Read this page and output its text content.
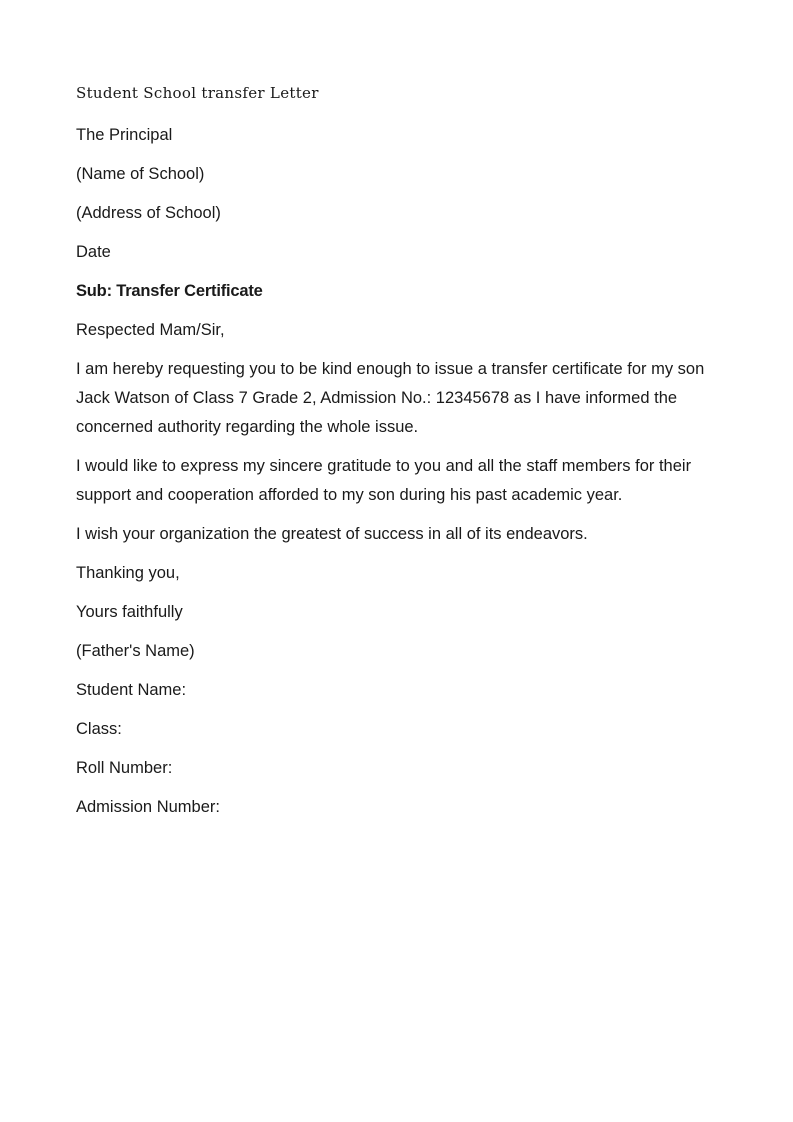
Student School transfer Letter

The Principal

(Name of School)

(Address of School)

Date

Sub: Transfer Certificate

Respected Mam/Sir,

I am hereby requesting you to be kind enough to issue a transfer certificate for my son Jack Watson of Class 7 Grade 2, Admission No.: 12345678 as I have informed the concerned authority regarding the whole issue.

I would like to express my sincere gratitude to you and all the staff members for their support and cooperation afforded to my son during his past academic year.

I wish your organization the greatest of success in all of its endeavors.

Thanking you,

Yours faithfully

(Father's Name)

Student Name:

Class:

Roll Number:

Admission Number:
